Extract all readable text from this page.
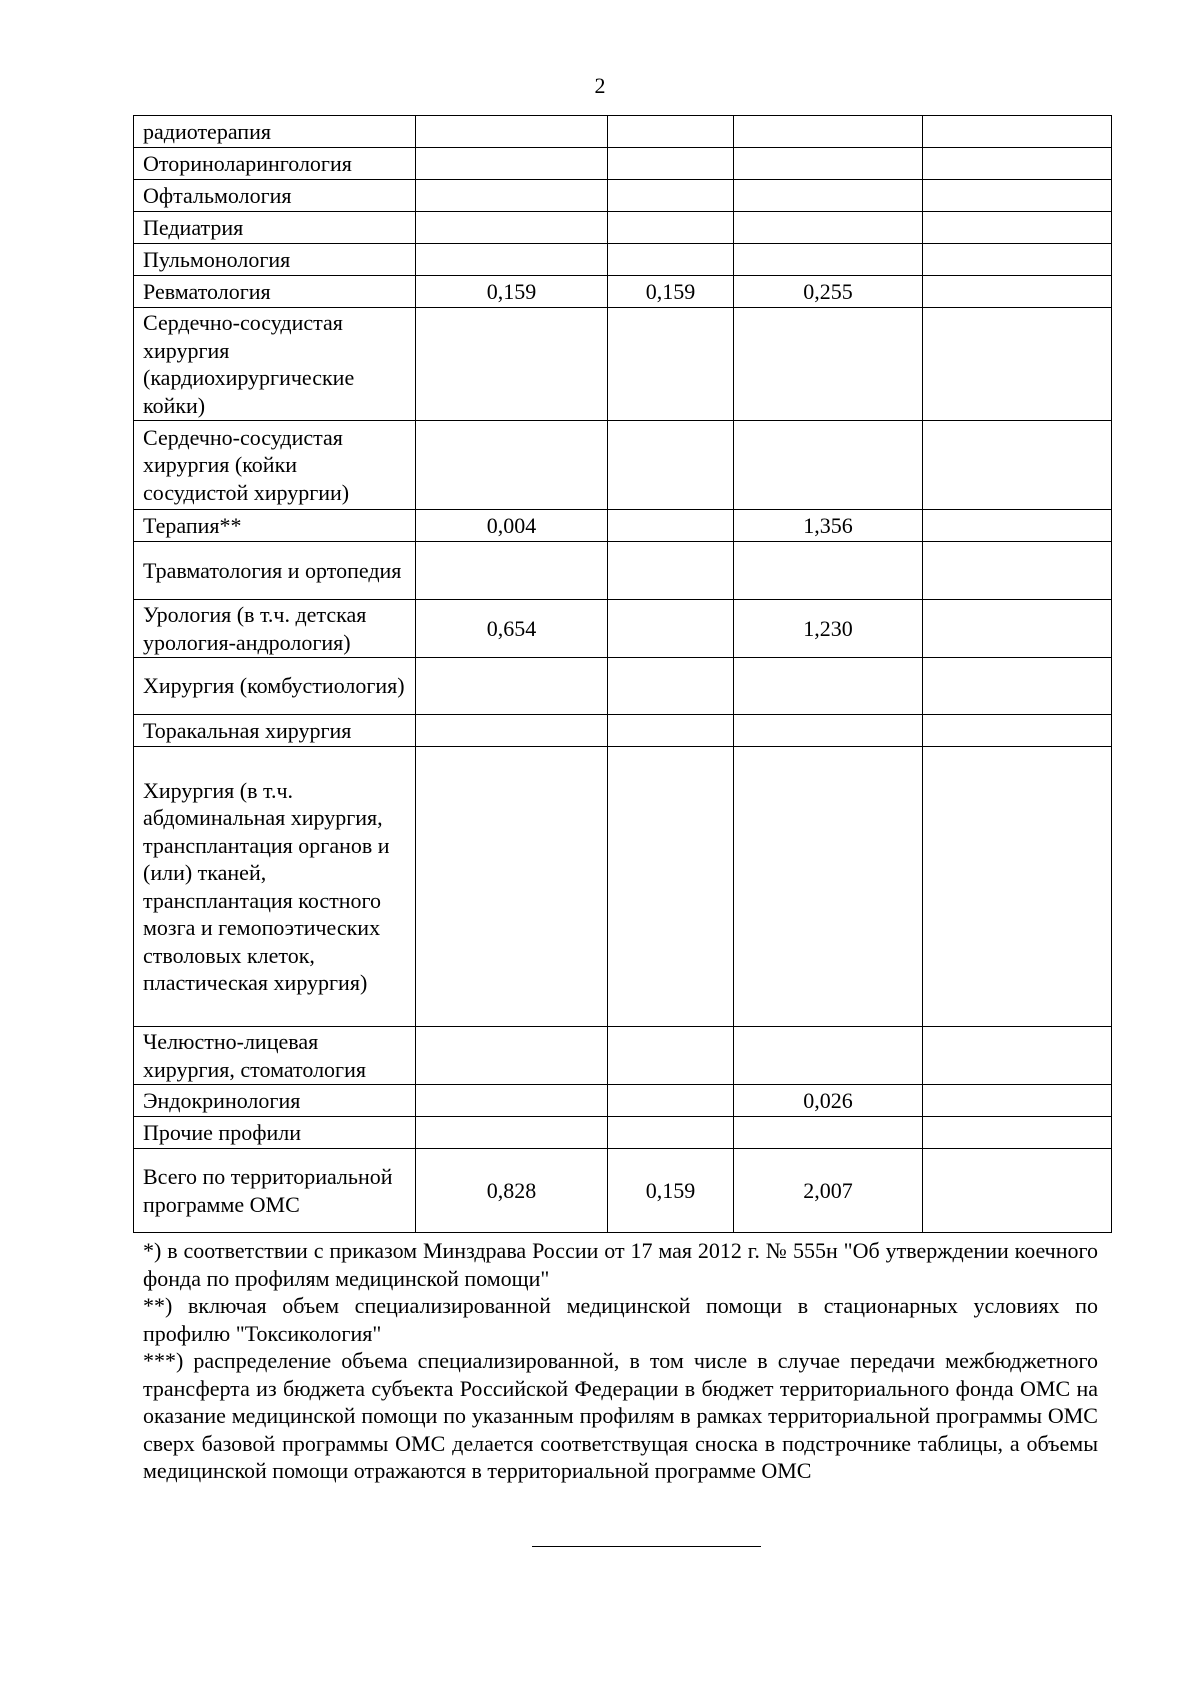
2
радиотерапия				
Оториноларингология				
Офтальмология				
Педиатрия				
Пульмонология				
Ревматология	0,159	0,159	0,255	
Сердечно-сосудистая хирургия (кардиохирургические койки)				
Сердечно-сосудистая хирургия (койки сосудистой хирургии)				
Терапия**	0,004		1,356	
Травматология и ортопедия				
Урология (в т.ч. детская урология-андрология)	0,654		1,230	
Хирургия (комбустиология)				
Торакальная хирургия				
Хирургия (в т.ч. абдоминальная хирургия, трансплантация органов и (или) тканей, трансплантация костного мозга и гемопоэтических стволовых клеток, пластическая хирургия)				
Челюстно-лицевая хирургия, стоматология				
Эндокринология			0,026	
Прочие профили				
Всего по территориальной программе ОМС	0,828	0,159	2,007	

*) в соответствии с приказом Минздрава России от 17 мая 2012 г. № 555н "Об утверждении коечного фонда по профилям медицинской помощи"

**) включая объем специализированной медицинской помощи в стационарных условиях по профилю "Токсикология"

***) распределение объема специализированной, в том числе в случае передачи межбюджетного трансферта из бюджета субъекта Российской Федерации в бюджет территориального фонда ОМС на оказание медицинской помощи по указанным профилям в рамках территориальной программы ОМС сверх базовой программы ОМС делается соответствущая сноска в подстрочнике таблицы, а объемы медицинской помощи отражаются в территориальной программе ОМС
